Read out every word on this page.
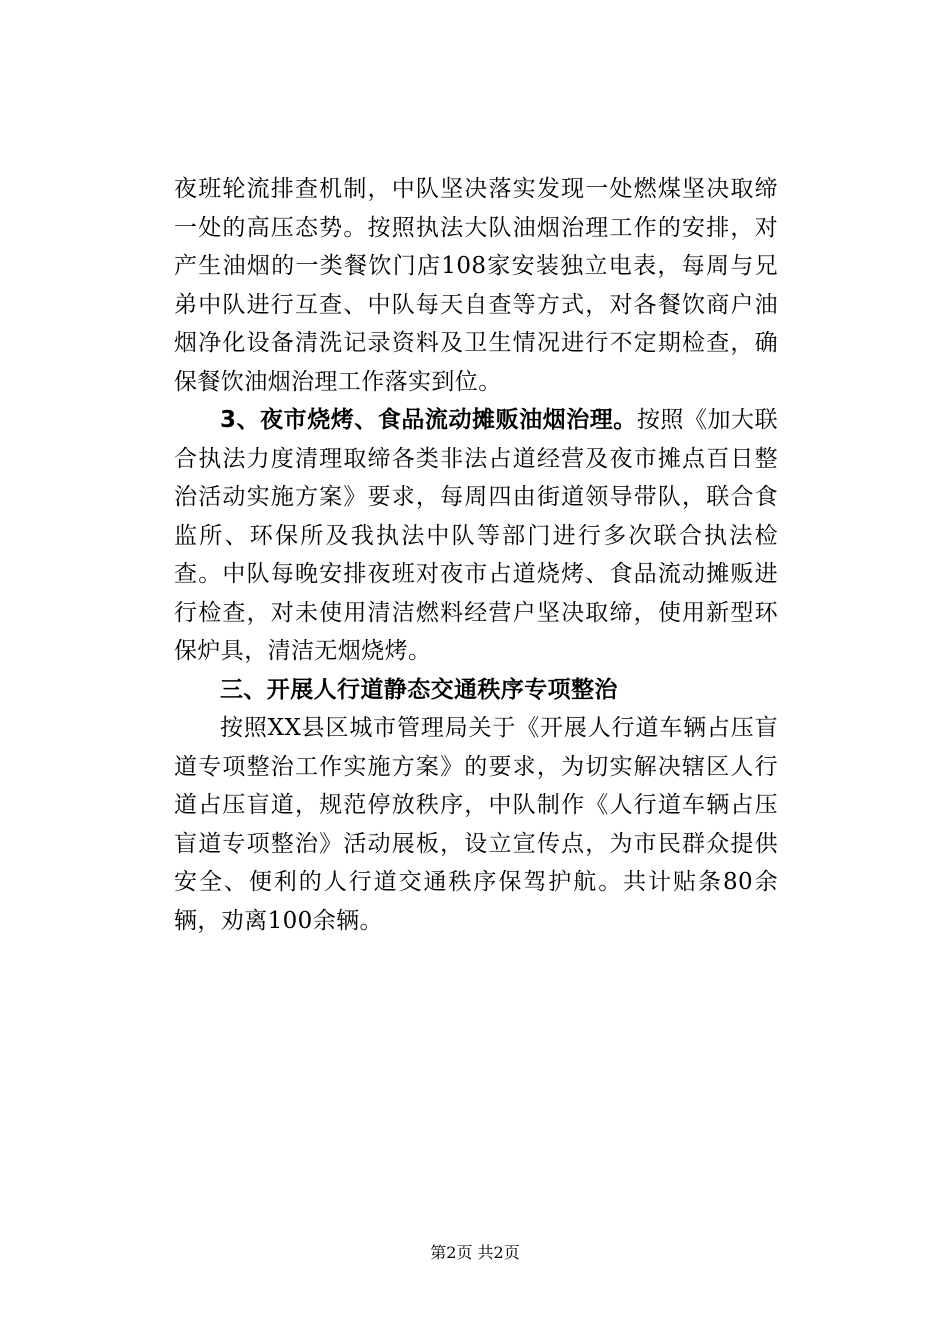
夜班轮流排查机制，中队坚决落实发现一处燃煤坚决取缔一处的高压态势。按照执法大队油烟治理工作的安排，对产生油烟的一类餐饮门店108家安装独立电表，每周与兄弟中队进行互查、中队每天自查等方式，对各餐饮商户油烟净化设备清洗记录资料及卫生情况进行不定期检查，确保餐饮油烟治理工作落实到位。

3、夜市烧烤、食品流动摊贩油烟治理。按照《加大联合执法力度清理取缔各类非法占道经营及夜市摊点百日整治活动实施方案》要求，每周四由街道领导带队，联合食监所、环保所及我执法中队等部门进行多次联合执法检查。中队每晚安排夜班对夜市占道烧烤、食品流动摊贩进行检查，对未使用清洁燃料经营户坚决取缔，使用新型环保炉具，清洁无烟烧烤。

三、开展人行道静态交通秩序专项整治

按照XX县区城市管理局关于《开展人行道车辆占压盲道专项整治工作实施方案》的要求，为切实解决辖区人行道占压盲道，规范停放秩序，中队制作《人行道车辆占压盲道专项整治》活动展板，设立宣传点，为市民群众提供安全、便利的人行道交通秩序保驾护航。共计贴条80余辆，劝离100余辆。

第2页 共2页
